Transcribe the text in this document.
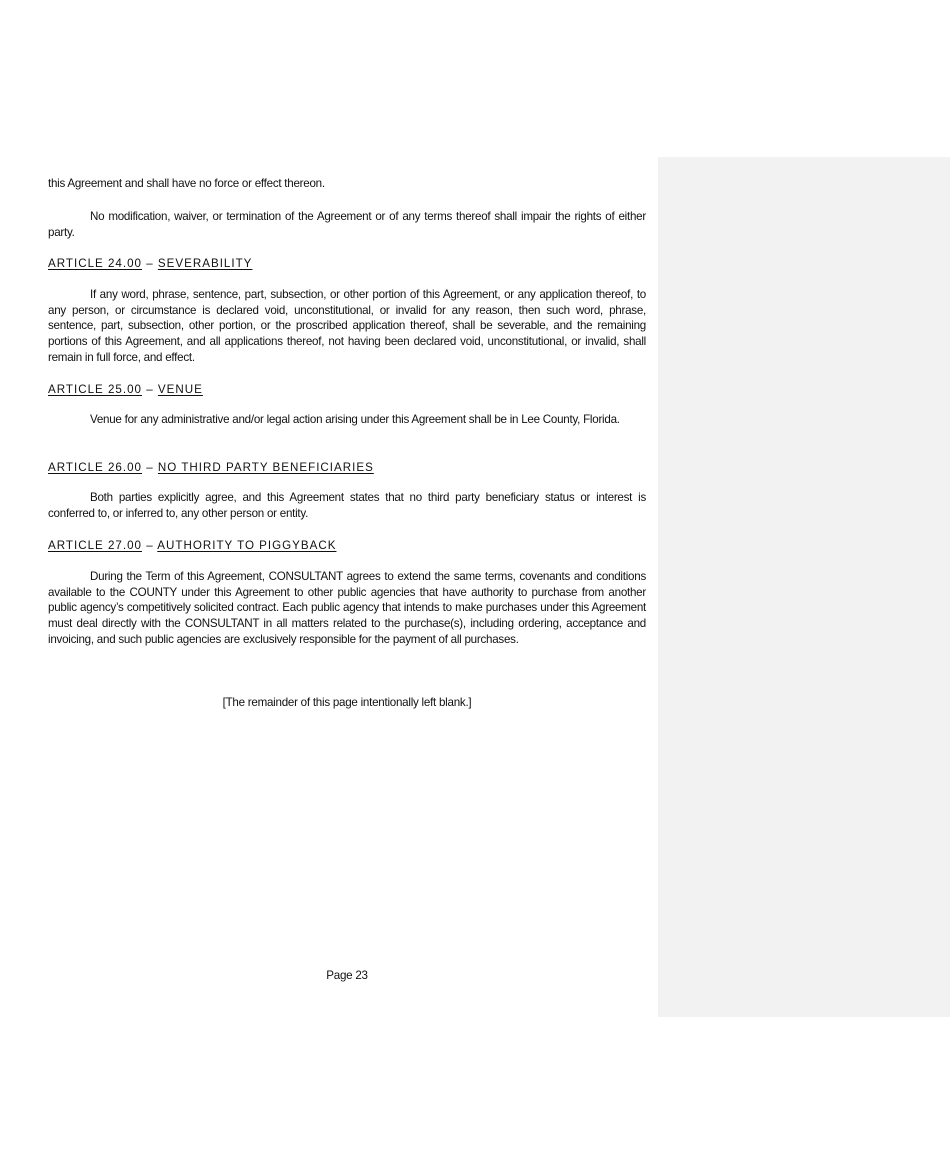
this Agreement and shall have no force or effect thereon.
No modification, waiver, or termination of the Agreement or of any terms thereof shall impair the rights of either party.
ARTICLE 24.00 – SEVERABILITY
If any word, phrase, sentence, part, subsection, or other portion of this Agreement, or any application thereof, to any person, or circumstance is declared void, unconstitutional, or invalid for any reason, then such word, phrase, sentence, part, subsection, other portion, or the proscribed application thereof, shall be severable, and the remaining portions of this Agreement, and all applications thereof, not having been declared void, unconstitutional, or invalid, shall remain in full force, and effect.
ARTICLE 25.00 – VENUE
Venue for any administrative and/or legal action arising under this Agreement shall be in Lee County, Florida.
ARTICLE 26.00 – NO THIRD PARTY BENEFICIARIES
Both parties explicitly agree, and this Agreement states that no third party beneficiary status or interest is conferred to, or inferred to, any other person or entity.
ARTICLE 27.00 – AUTHORITY TO PIGGYBACK
During the Term of this Agreement, CONSULTANT agrees to extend the same terms, covenants and conditions available to the COUNTY under this Agreement to other public agencies that have authority to purchase from another public agency’s competitively solicited contract. Each public agency that intends to make purchases under this Agreement must deal directly with the CONSULTANT in all matters related to the purchase(s), including ordering, acceptance and invoicing, and such public agencies are exclusively responsible for the payment of all purchases.
[The remainder of this page intentionally left blank.]
Page 23
